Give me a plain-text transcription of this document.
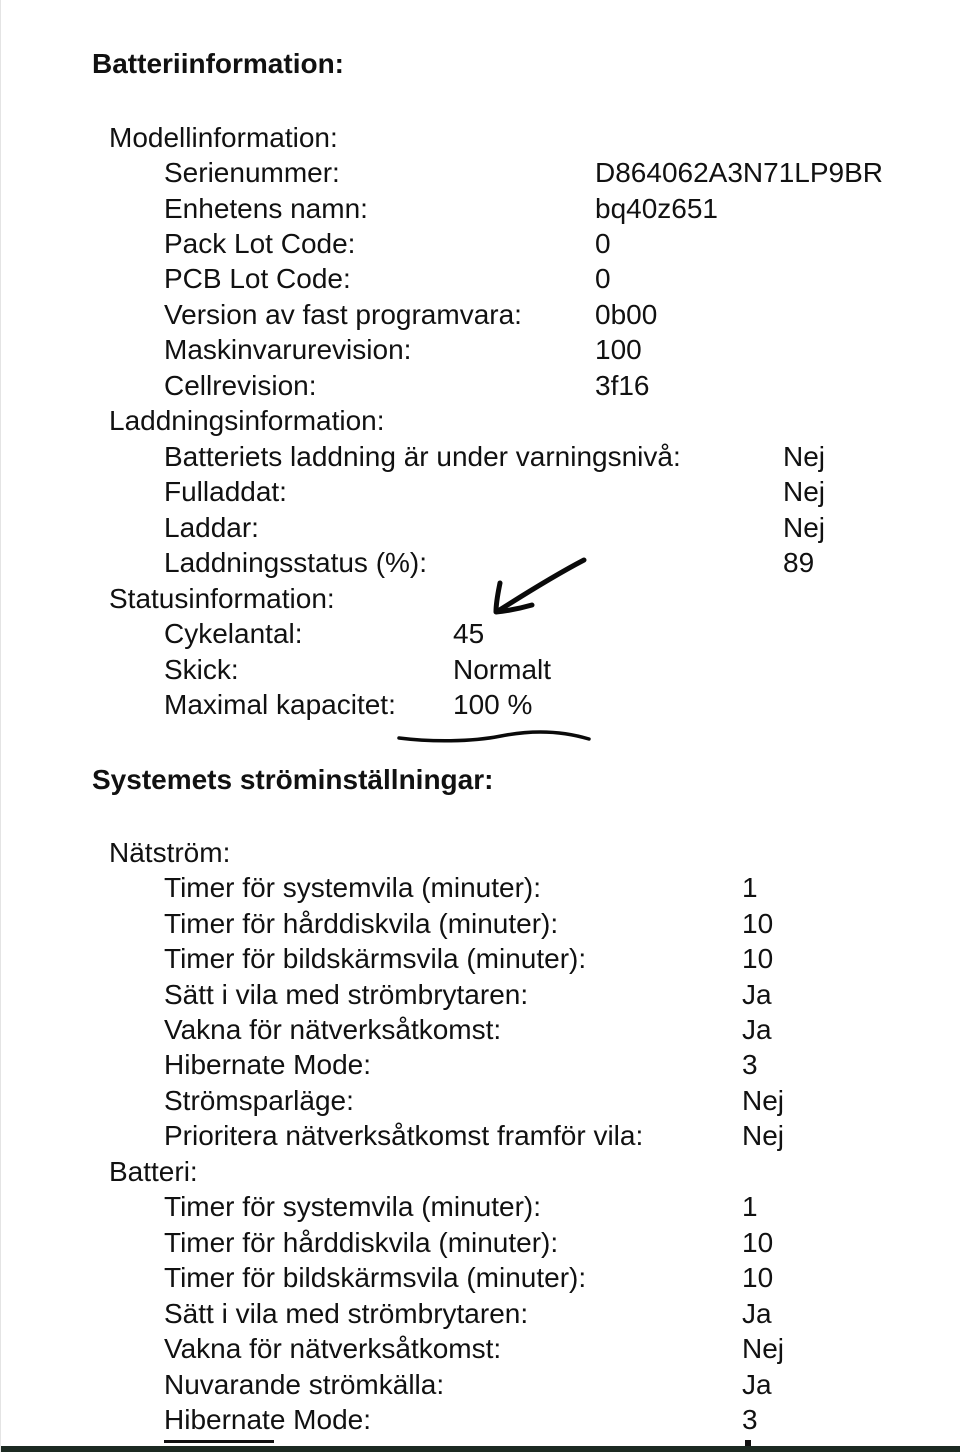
Batteriinformation:
Modellinformation:
Serienummer:	D864062A3N71LP9BR
Enhetens namn:	bq40z651
Pack Lot Code:	0
PCB Lot Code:	0
Version av fast programvara:	0b00
Maskinvarurevision:	100
Cellrevision:	3f16
Laddningsinformation:
Batteriets laddning är under varningsnivå:	Nej
Fulladdat:	Nej
Laddar:	Nej
Laddningsstatus (%):	89
Statusinformation:
Cykelantal:	45
Skick:	Normalt
Maximal kapacitet: 100 %
Systemets ströminställningar:
Nätström:
Timer för systemvila (minuter):	1
Timer för hårddiskvila (minuter):	10
Timer för bildskärmsvila (minuter):	10
Sätt i vila med strömbrytaren:	Ja
Vakna för nätverksåtkomst:	Ja
Hibernate Mode:	3
Strömsparläge:	Nej
Prioritera nätverksåtkomst framför vila:	Nej
Batteri:
Timer för systemvila (minuter):	1
Timer för hårddiskvila (minuter):	10
Timer för bildskärmsvila (minuter):	10
Sätt i vila med strömbrytaren:	Ja
Vakna för nätverksåtkomst:	Nej
Nuvarande strömkälla:	Ja
Hibernate Mode:	3
